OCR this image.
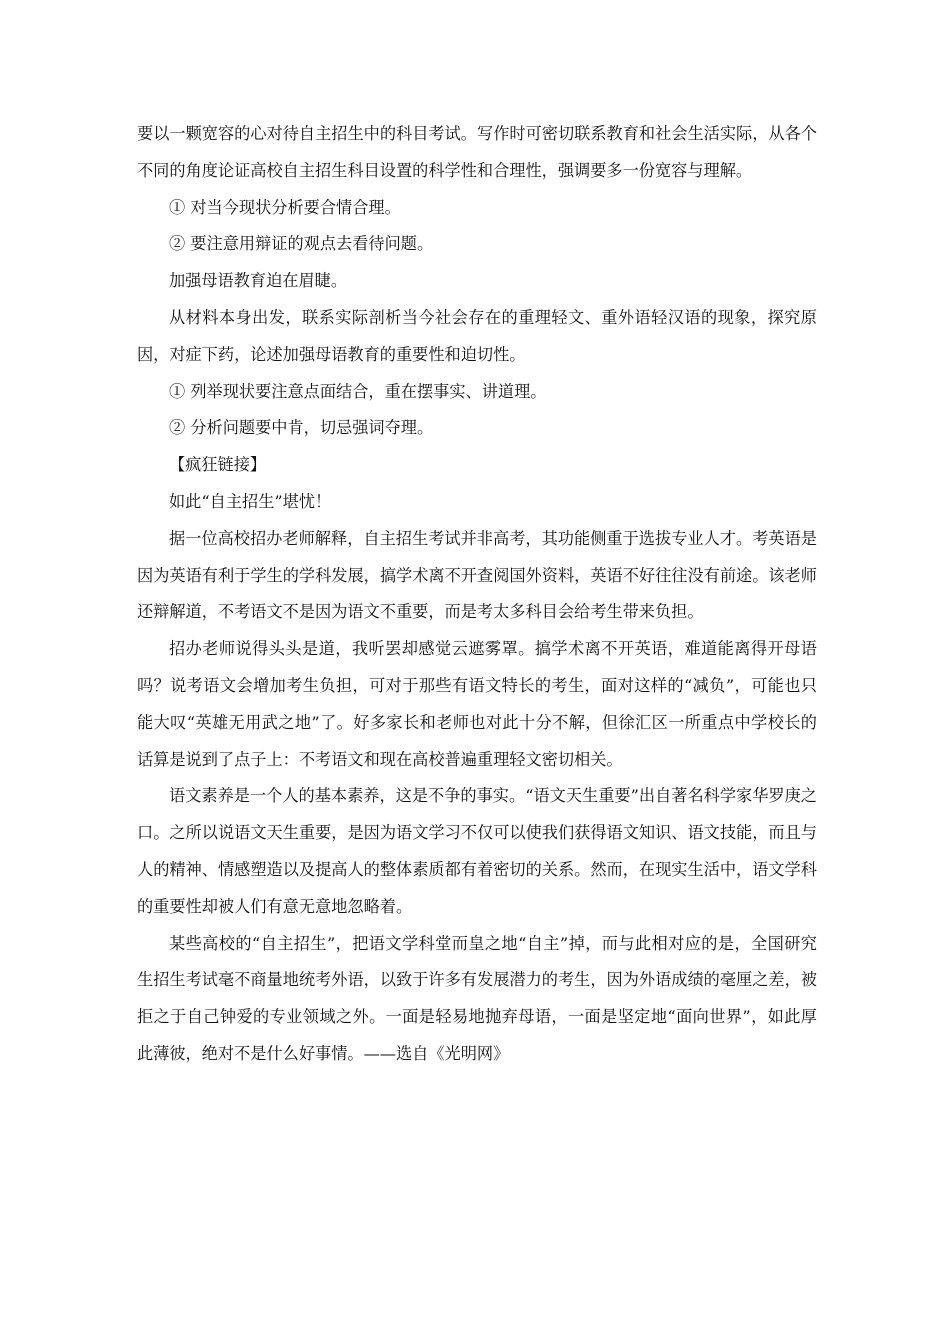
要以一颗宽容的心对待自主招生中的科目考试。写作时可密切联系教育和社会生活实际，从各个不同的角度论证高校自主招生科目设置的科学性和合理性，强调要多一份宽容与理解。

① 对当今现状分析要合情合理。

② 要注意用辩证的观点去看待问题。

加强母语教育迫在眉睫。

从材料本身出发，联系实际剖析当今社会存在的重理轻文、重外语轻汉语的现象，探究原因，对症下药，论述加强母语教育的重要性和迫切性。

① 列举现状要注意点面结合，重在摆事实、讲道理。

② 分析问题要中肯，切忌强词夺理。

【疯狂链接】

如此“自主招生”堪忧！

据一位高校招办老师解释，自主招生考试并非高考，其功能侧重于选拔专业人才。考英语是因为英语有利于学生的学科发展，搞学术离不开查阅国外资料，英语不好往往没有前途。该老师还辩解道，不考语文不是因为语文不重要，而是考太多科目会给考生带来负担。

招办老师说得头头是道，我听罢却感觉云遮雾罩。搞学术离不开英语，难道能离得开母语吗？说考语文会增加考生负担，可对于那些有语文特长的考生，面对这样的“减负”，可能也只能大叹“英雄无用武之地”了。好多家长和老师也对此十分不解，但徐汇区一所重点中学校长的话算是说到了点子上：不考语文和现在高校普遍重理轻文密切相关。

语文素养是一个人的基本素养，这是不争的事实。“语文天生重要”出自著名科学家华罗庚之口。之所以说语文天生重要，是因为语文学习不仅可以使我们获得语文知识、语文技能，而且与人的精神、情感塑造以及提高人的整体素质都有着密切的关系。然而，在现实生活中，语文学科的重要性却被人们有意无意地忽略着。

某些高校的“自主招生”，把语文学科堂而皇之地“自主”掉，而与此相对应的是，全国研究生招生考试毫不商量地统考外语，以致于许多有发展潜力的考生，因为外语成绩的毫厘之差，被拒之于自己钟爱的专业领域之外。一面是轻易地抛弃母语，一面是坚定地“面向世界”，如此厚此薄彼，绝对不是什么好事情。——选自《光明网》
